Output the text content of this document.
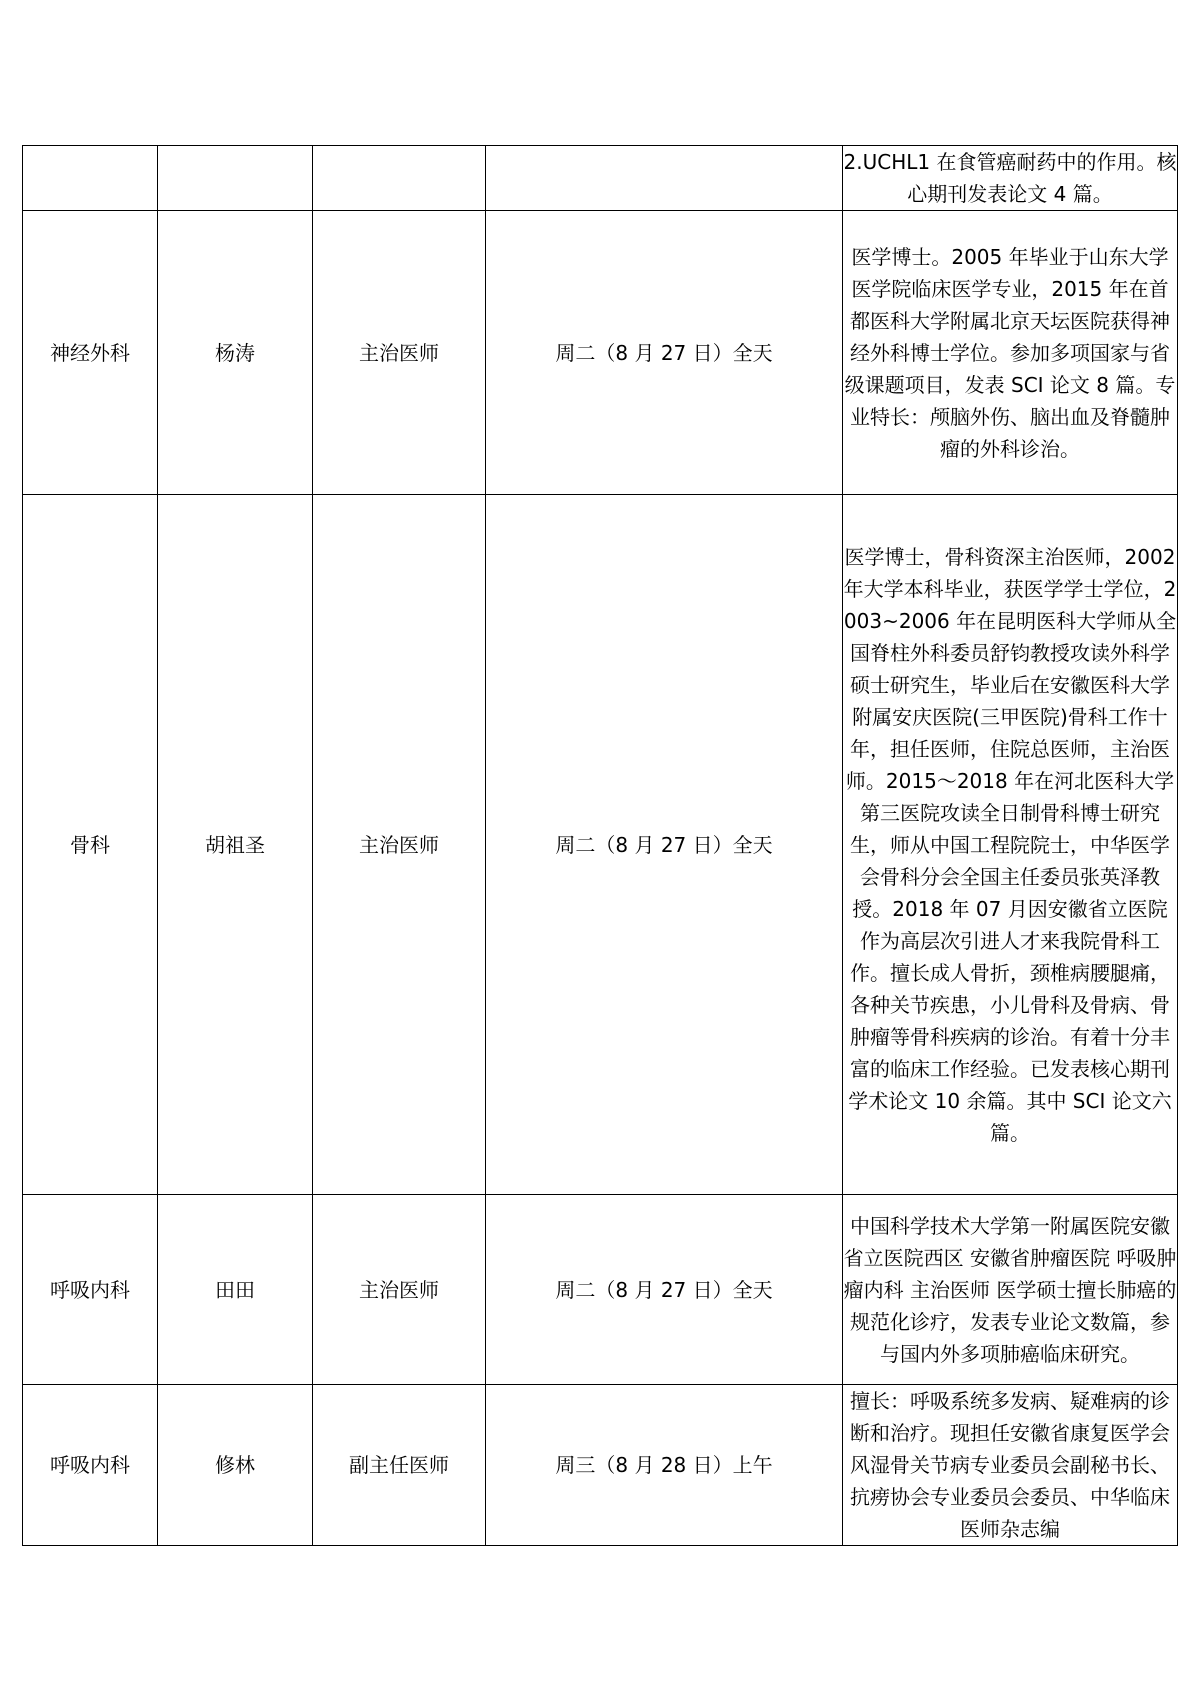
				2.UCHL1 在食管癌耐药中的作用。核心期刊发表论文 4 篇。

神经外科	杨涛	主治医师	周二（8 月 27 日）全天	医学博士。2005 年毕业于山东大学医学院临床医学专业，2015 年在首都医科大学附属北京天坛医院获得神经外科博士学位。参加多项国家与省级课题项目，发表 SCI 论文 8 篇。专业特长：颅脑外伤、脑出血及脊髓肿瘤的外科诊治。

骨科	胡祖圣	主治医师	周二（8 月 27 日）全天	医学博士，骨科资深主治医师，2002 年大学本科毕业，获医学学士学位，2003~2006 年在昆明医科大学师从全国脊柱外科委员舒钧教授攻读外科学硕士研究生，毕业后在安徽医科大学附属安庆医院(三甲医院)骨科工作十年，担任医师，住院总医师，主治医师。2015～2018 年在河北医科大学第三医院攻读全日制骨科博士研究生，师从中国工程院院士，中华医学会骨科分会全国主任委员张英泽教授。2018 年 07 月因安徽省立医院作为高层次引进人才来我院骨科工作。擅长成人骨折，颈椎病腰腿痛，各种关节疾患，小儿骨科及骨病、骨肿瘤等骨科疾病的诊治。有着十分丰富的临床工作经验。已发表核心期刊学术论文 10 余篇。其中 SCI 论文六篇。

呼吸内科	田田	主治医师	周二（8 月 27 日）全天	中国科学技术大学第一附属医院安徽省立医院西区 安徽省肿瘤医院 呼吸肿瘤内科 主治医师 医学硕士擅长肺癌的规范化诊疗，发表专业论文数篇，参与国内外多项肺癌临床研究。

呼吸内科	修林	副主任医师	周三（8 月 28 日）上午	擅长：呼吸系统多发病、疑难病的诊断和治疗。现担任安徽省康复医学会风湿骨关节病专业委员会副秘书长、抗痨协会专业委员会委员、中华临床医师杂志编
